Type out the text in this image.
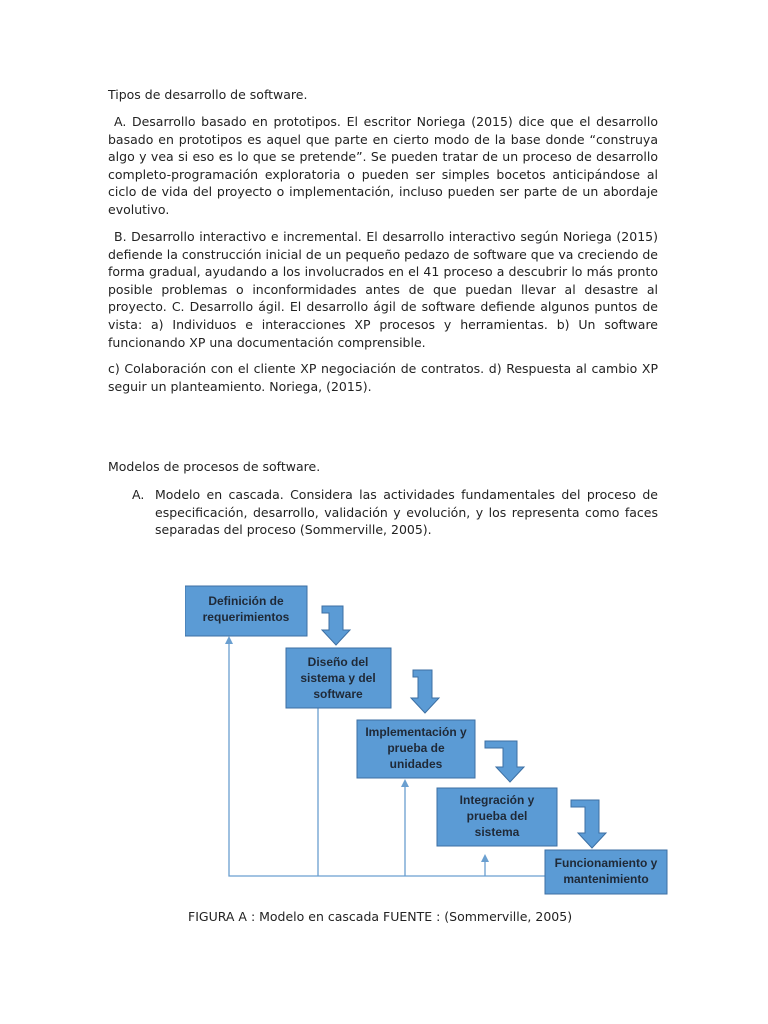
Tipos de desarrollo de software.
A. Desarrollo basado en prototipos. El escritor Noriega (2015) dice que el desarrollo basado en prototipos es aquel que parte en cierto modo de la base donde “construya algo y vea si eso es lo que se pretende”. Se pueden tratar de un proceso de desarrollo completo-programación exploratoria o pueden ser simples bocetos anticipándose al ciclo de vida del proyecto o implementación, incluso pueden ser parte de un abordaje evolutivo.
B. Desarrollo interactivo e incremental. El desarrollo interactivo según Noriega (2015) defiende la construcción inicial de un pequeño pedazo de software que va creciendo de forma gradual, ayudando a los involucrados en el 41 proceso a descubrir lo más pronto posible problemas o inconformidades antes de que puedan llevar al desastre al proyecto. C. Desarrollo ágil. El desarrollo ágil de software defiende algunos puntos de vista: a) Individuos e interacciones XP procesos y herramientas. b) Un software funcionando XP una documentación comprensible.
c) Colaboración con el cliente XP negociación de contratos. d) Respuesta al cambio XP seguir un planteamiento. Noriega, (2015).
Modelos de procesos de software.
A. Modelo en cascada. Considera las actividades fundamentales del proceso de especificación, desarrollo, validación y evolución, y los representa como faces separadas del proceso (Sommerville, 2005).
Definición de
requerimientos
Diseño del
sistema y del
software
Implementación y
prueba de
unidades
Integración y
prueba del
sistema
Funcionamiento y
mantenimiento
FIGURA A : Modelo en cascada FUENTE : (Sommerville, 2005)
